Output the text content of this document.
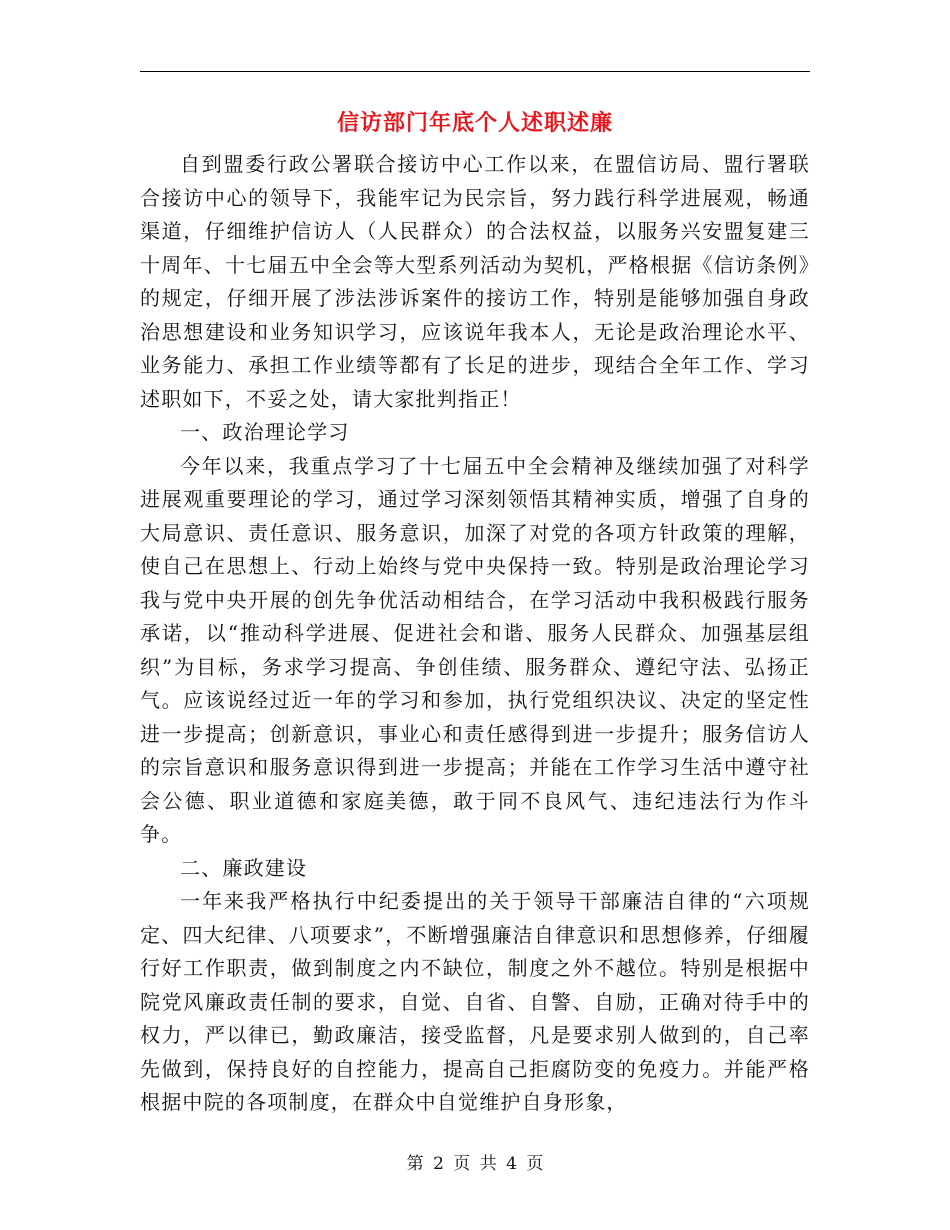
信访部门年底个人述职述廉

自到盟委行政公署联合接访中心工作以来，在盟信访局、盟行署联合接访中心的领导下，我能牢记为民宗旨，努力践行科学进展观，畅通渠道，仔细维护信访人（人民群众）的合法权益，以服务兴安盟复建三十周年、十七届五中全会等大型系列活动为契机，严格根据《信访条例》的规定，仔细开展了涉法涉诉案件的接访工作，特别是能够加强自身政治思想建设和业务知识学习，应该说年我本人，无论是政治理论水平、业务能力、承担工作业绩等都有了长足的进步，现结合全年工作、学习述职如下，不妥之处，请大家批判指正！

一、政治理论学习

今年以来，我重点学习了十七届五中全会精神及继续加强了对科学进展观重要理论的学习，通过学习深刻领悟其精神实质，增强了自身的大局意识、责任意识、服务意识，加深了对党的各项方针政策的理解，使自己在思想上、行动上始终与党中央保持一致。特别是政治理论学习我与党中央开展的创先争优活动相结合，在学习活动中我积极践行服务承诺，以“推动科学进展、促进社会和谐、服务人民群众、加强基层组织”为目标，务求学习提高、争创佳绩、服务群众、遵纪守法、弘扬正气。应该说经过近一年的学习和参加，执行党组织决议、决定的坚定性进一步提高；创新意识，事业心和责任感得到进一步提升；服务信访人的宗旨意识和服务意识得到进一步提高；并能在工作学习生活中遵守社会公德、职业道德和家庭美德，敢于同不良风气、违纪违法行为作斗争。

二、廉政建设

一年来我严格执行中纪委提出的关于领导干部廉洁自律的“六项规定、四大纪律、八项要求”，不断增强廉洁自律意识和思想修养，仔细履行好工作职责，做到制度之内不缺位，制度之外不越位。特别是根据中院党风廉政责任制的要求，自觉、自省、自警、自励，正确对待手中的权力，严以律已，勤政廉洁，接受监督，凡是要求别人做到的，自己率先做到，保持良好的自控能力，提高自己拒腐防变的免疫力。并能严格根据中院的各项制度，在群众中自觉维护自身形象，

第 2 页 共 4 页
